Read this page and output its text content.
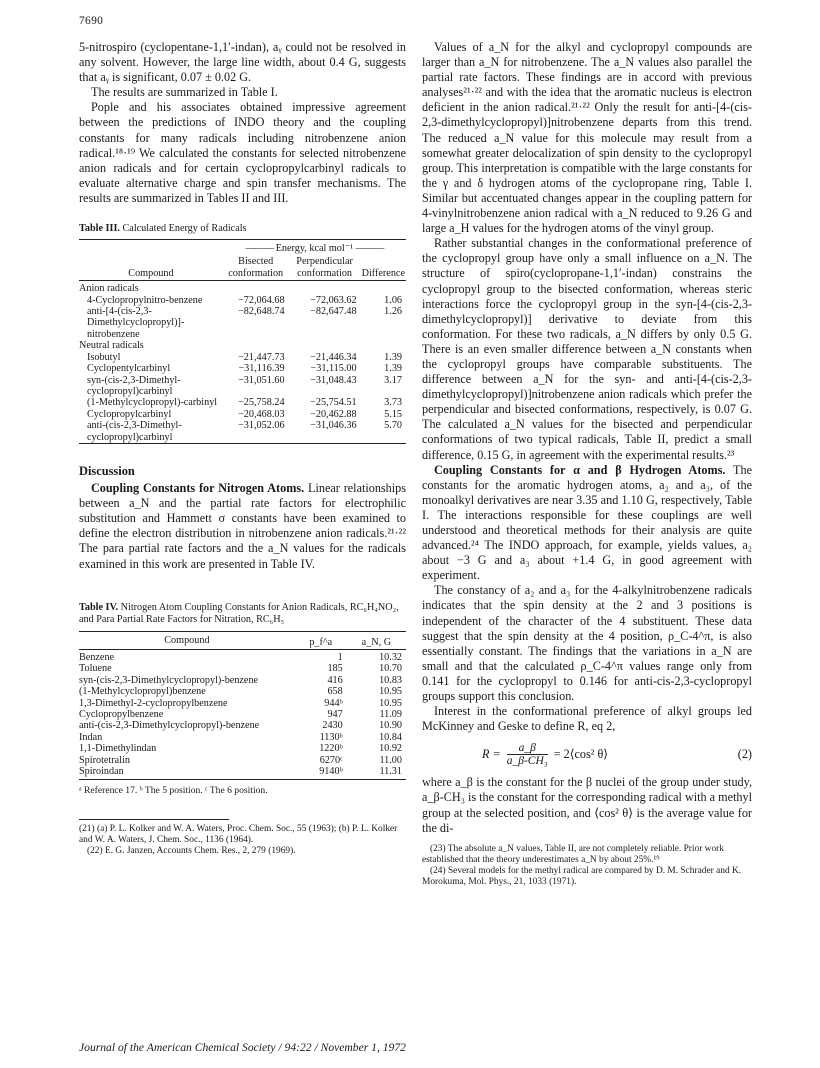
7690

5-nitrospiro (cyclopentane-1,1′-indan), aᵧ could not be resolved in any solvent. However, the large line width, about 0.4 G, suggests that aᵧ is significant, 0.07 ± 0.02 G.

The results are summarized in Table I.

Pople and his associates obtained impressive agreement between the predictions of INDO theory and the coupling constants for many radicals including nitrobenzene anion radical.¹⁸·¹⁹ We calculated the constants for selected nitrobenzene anion radicals and for certain cyclopropylcarbinyl radicals to evaluate alternative charge and spin transfer mechanisms. The results are summarized in Tables II and III.

Table III. Calculated Energy of Radicals
Compound	——— Energy, kcal mol⁻¹ ———		
	Bisected conformation	Perpendicular conformation	Difference
Anion radicals			
4-Cyclopropylnitro-benzene	−72,064.68	−72,063.62	1.06
anti-[4-(cis-2,3-Dimethylcyclopropyl)]-nitrobenzene	−82,648.74	−82,647.48	1.26
Neutral radicals			
Isobutyl	−21,447.73	−21,446.34	1.39
Cyclopentylcarbinyl	−31,116.39	−31,115.00	1.39
syn-(cis-2,3-Dimethyl-cyclopropyl)carbinyl	−31,051.60	−31,048.43	3.17
(1-Methylcyclopropyl)-carbinyl	−25,758.24	−25,754.51	3.73
Cyclopropylcarbinyl	−20,468.03	−20,462.88	5.15
anti-(cis-2,3-Dimethyl-cyclopropyl)carbinyl	−31,052.06	−31,046.36	5.70
Discussion

Coupling Constants for Nitrogen Atoms. Linear relationships between a_N and the partial rate factors for electrophilic substitution and Hammett σ constants have been examined to define the electron distribution in nitrobenzene anion radicals.²¹·²² The para partial rate factors and the a_N values for the radicals examined in this work are presented in Table IV.

Table IV. Nitrogen Atom Coupling Constants for Anion Radicals, RC₆H₄NO₂, and Para Partial Rate Factors for Nitration, RC₆H₅
Compound	p_f^a	a_N, G
Benzene	1	10.32
Toluene	185	10.70
syn-(cis-2,3-Dimethylcyclopropyl)-benzene	416	10.83
(1-Methylcyclopropyl)benzene	658	10.95
1,3-Dimethyl-2-cyclopropylbenzene	944ᵇ	10.95
Cyclopropylbenzene	947	11.09
anti-(cis-2,3-Dimethylcyclopropyl)-benzene	2430	10.90
Indan	1130ᵇ	10.84
1,1-Dimethylindan	1220ᵇ	10.92
Spirotetralin	6270ᶜ	11.00
Spiroindan	9140ᵇ	11.31
ᵃ Reference 17. ᵇ The 5 position. ᶜ The 6 position.
(21) (a) P. L. Kolker and W. A. Waters, Proc. Chem. Soc., 55 (1963); (b) P. L. Kolker and W. A. Waters, J. Chem. Soc., 1136 (1964).
(22) E. G. Janzen, Accounts Chem. Res., 2, 279 (1969).

Values of a_N for the alkyl and cyclopropyl compounds are larger than a_N for nitrobenzene. The a_N values also parallel the partial rate factors. These findings are in accord with previous analyses²¹·²² and with the idea that the aromatic nucleus is electron deficient in the anion radical.²¹·²² Only the result for anti-[4-(cis-2,3-dimethylcyclopropyl)]nitrobenzene departs from this trend. The reduced a_N value for this molecule may result from a somewhat greater delocalization of spin density to the cyclopropyl group. This interpretation is compatible with the large constants for the γ and δ hydrogen atoms of the cyclopropane ring, Table I. Similar but accentuated changes appear in the coupling pattern for 4-vinylnitrobenzene anion radical with a_N reduced to 9.26 G and large a_H values for the hydrogen atoms of the vinyl group.

Rather substantial changes in the conformational preference of the cyclopropyl group have only a small influence on a_N. The structure of spiro(cyclopropane-1,1′-indan) constrains the cyclopropyl group to the bisected conformation, whereas steric interactions force the cyclopropyl group in the syn-[4-(cis-2,3-dimethylcyclopropyl)] derivative to deviate from this conformation. For these two radicals, a_N differs by only 0.5 G. There is an even smaller difference between a_N constants when the cyclopropyl groups have comparable substituents. The difference between a_N for the syn- and anti-[4-(cis-2,3-dimethylcyclopropyl)]nitrobenzene anion radicals which prefer the perpendicular and bisected conformations, respectively, is 0.07 G. The calculated a_N values for the bisected and perpendicular conformations of two typical radicals, Table II, predict a small difference, 0.15 G, in agreement with the experimental results.²³

Coupling Constants for α and β Hydrogen Atoms. The constants for the aromatic hydrogen atoms, a₂ and a₃, of the monoalkyl derivatives are near 3.35 and 1.10 G, respectively, Table I. The interactions responsible for these couplings are well understood and theoretical methods for their analysis are quite advanced.²⁴ The INDO approach, for example, yields values, a₂ about −3 G and a₃ about +1.4 G, in good agreement with experiment.

The constancy of a₂ and a₃ for the 4-alkylnitrobenzene radicals indicates that the spin density at the 2 and 3 positions is independent of the character of the 4 substituent. These data suggest that the spin density at the 4 position, ρ_C-4^π, is also essentially constant. The findings that the variations in a_N are small and that the calculated ρ_C-4^π values range only from 0.141 for the cyclopropyl to 0.146 for anti-cis-2,3-cyclopropyl groups support this conclusion.

Interest in the conformational preference of alkyl groups led McKinney and Geske to define R, eq 2,

$R = \frac{a\_\beta}{\text{a\_β-CH₃}}$ = 2⟨cos² θ⟩	(2)

where a_β is the constant for the β nuclei of the group under study, a_β-CH₃ is the constant for the corresponding radical with a methyl group at the selected position, and ⟨cos² θ⟩ is the average value for the di-

(23) The absolute a_N values, Table II, are not completely reliable. Prior work established that the theory underestimates a_N by about 25%.¹⁹
(24) Several models for the methyl radical are compared by D. M. Schrader and K. Morokuma, Mol. Phys., 21, 1033 (1971).
Journal of the American Chemical Society / 94:22 / November 1, 1972
